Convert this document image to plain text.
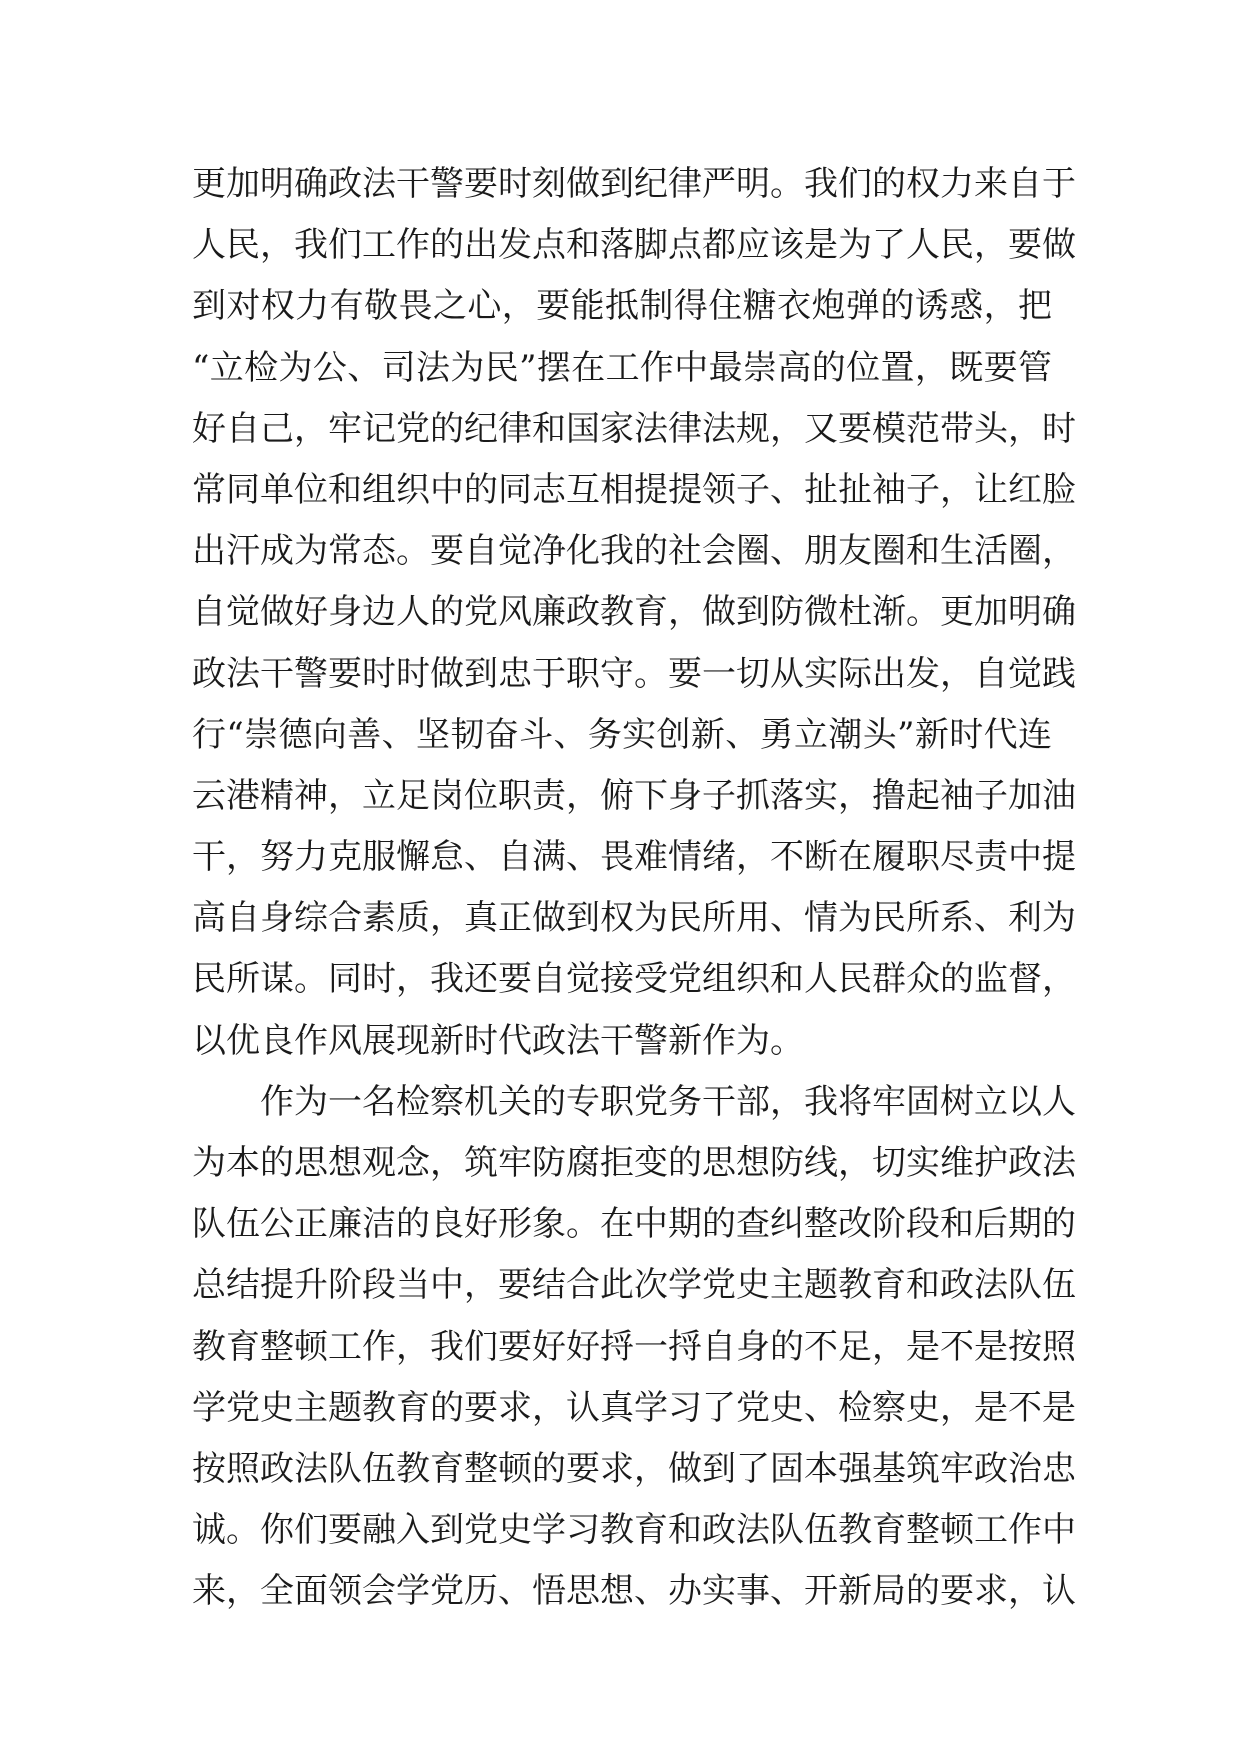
更加明确政法干警要时刻做到纪律严明。我们的权力来自于
人民，我们工作的出发点和落脚点都应该是为了人民，要做
到对权力有敬畏之心，要能抵制得住糖衣炮弹的诱惑，把
“立检为公、司法为民”摆在工作中最崇高的位置，既要管
好自己，牢记党的纪律和国家法律法规，又要模范带头，时
常同单位和组织中的同志互相提提领子、扯扯袖子，让红脸
出汗成为常态。要自觉净化我的社会圈、朋友圈和生活圈，
自觉做好身边人的党风廉政教育，做到防微杜渐。更加明确
政法干警要时时做到忠于职守。要一切从实际出发，自觉践
行“崇德向善、坚韧奋斗、务实创新、勇立潮头”新时代连
云港精神，立足岗位职责，俯下身子抓落实，撸起袖子加油
干，努力克服懈怠、自满、畏难情绪，不断在履职尽责中提
高自身综合素质，真正做到权为民所用、情为民所系、利为
民所谋。同时，我还要自觉接受党组织和人民群众的监督，
以优良作风展现新时代政法干警新作为。
　　作为一名检察机关的专职党务干部，我将牢固树立以人
为本的思想观念，筑牢防腐拒变的思想防线，切实维护政法
队伍公正廉洁的良好形象。在中期的查纠整改阶段和后期的
总结提升阶段当中，要结合此次学党史主题教育和政法队伍
教育整顿工作，我们要好好捋一捋自身的不足，是不是按照
学党史主题教育的要求，认真学习了党史、检察史，是不是
按照政法队伍教育整顿的要求，做到了固本强基筑牢政治忠
诚。你们要融入到党史学习教育和政法队伍教育整顿工作中
来，全面领会学党历、悟思想、办实事、开新局的要求，认
